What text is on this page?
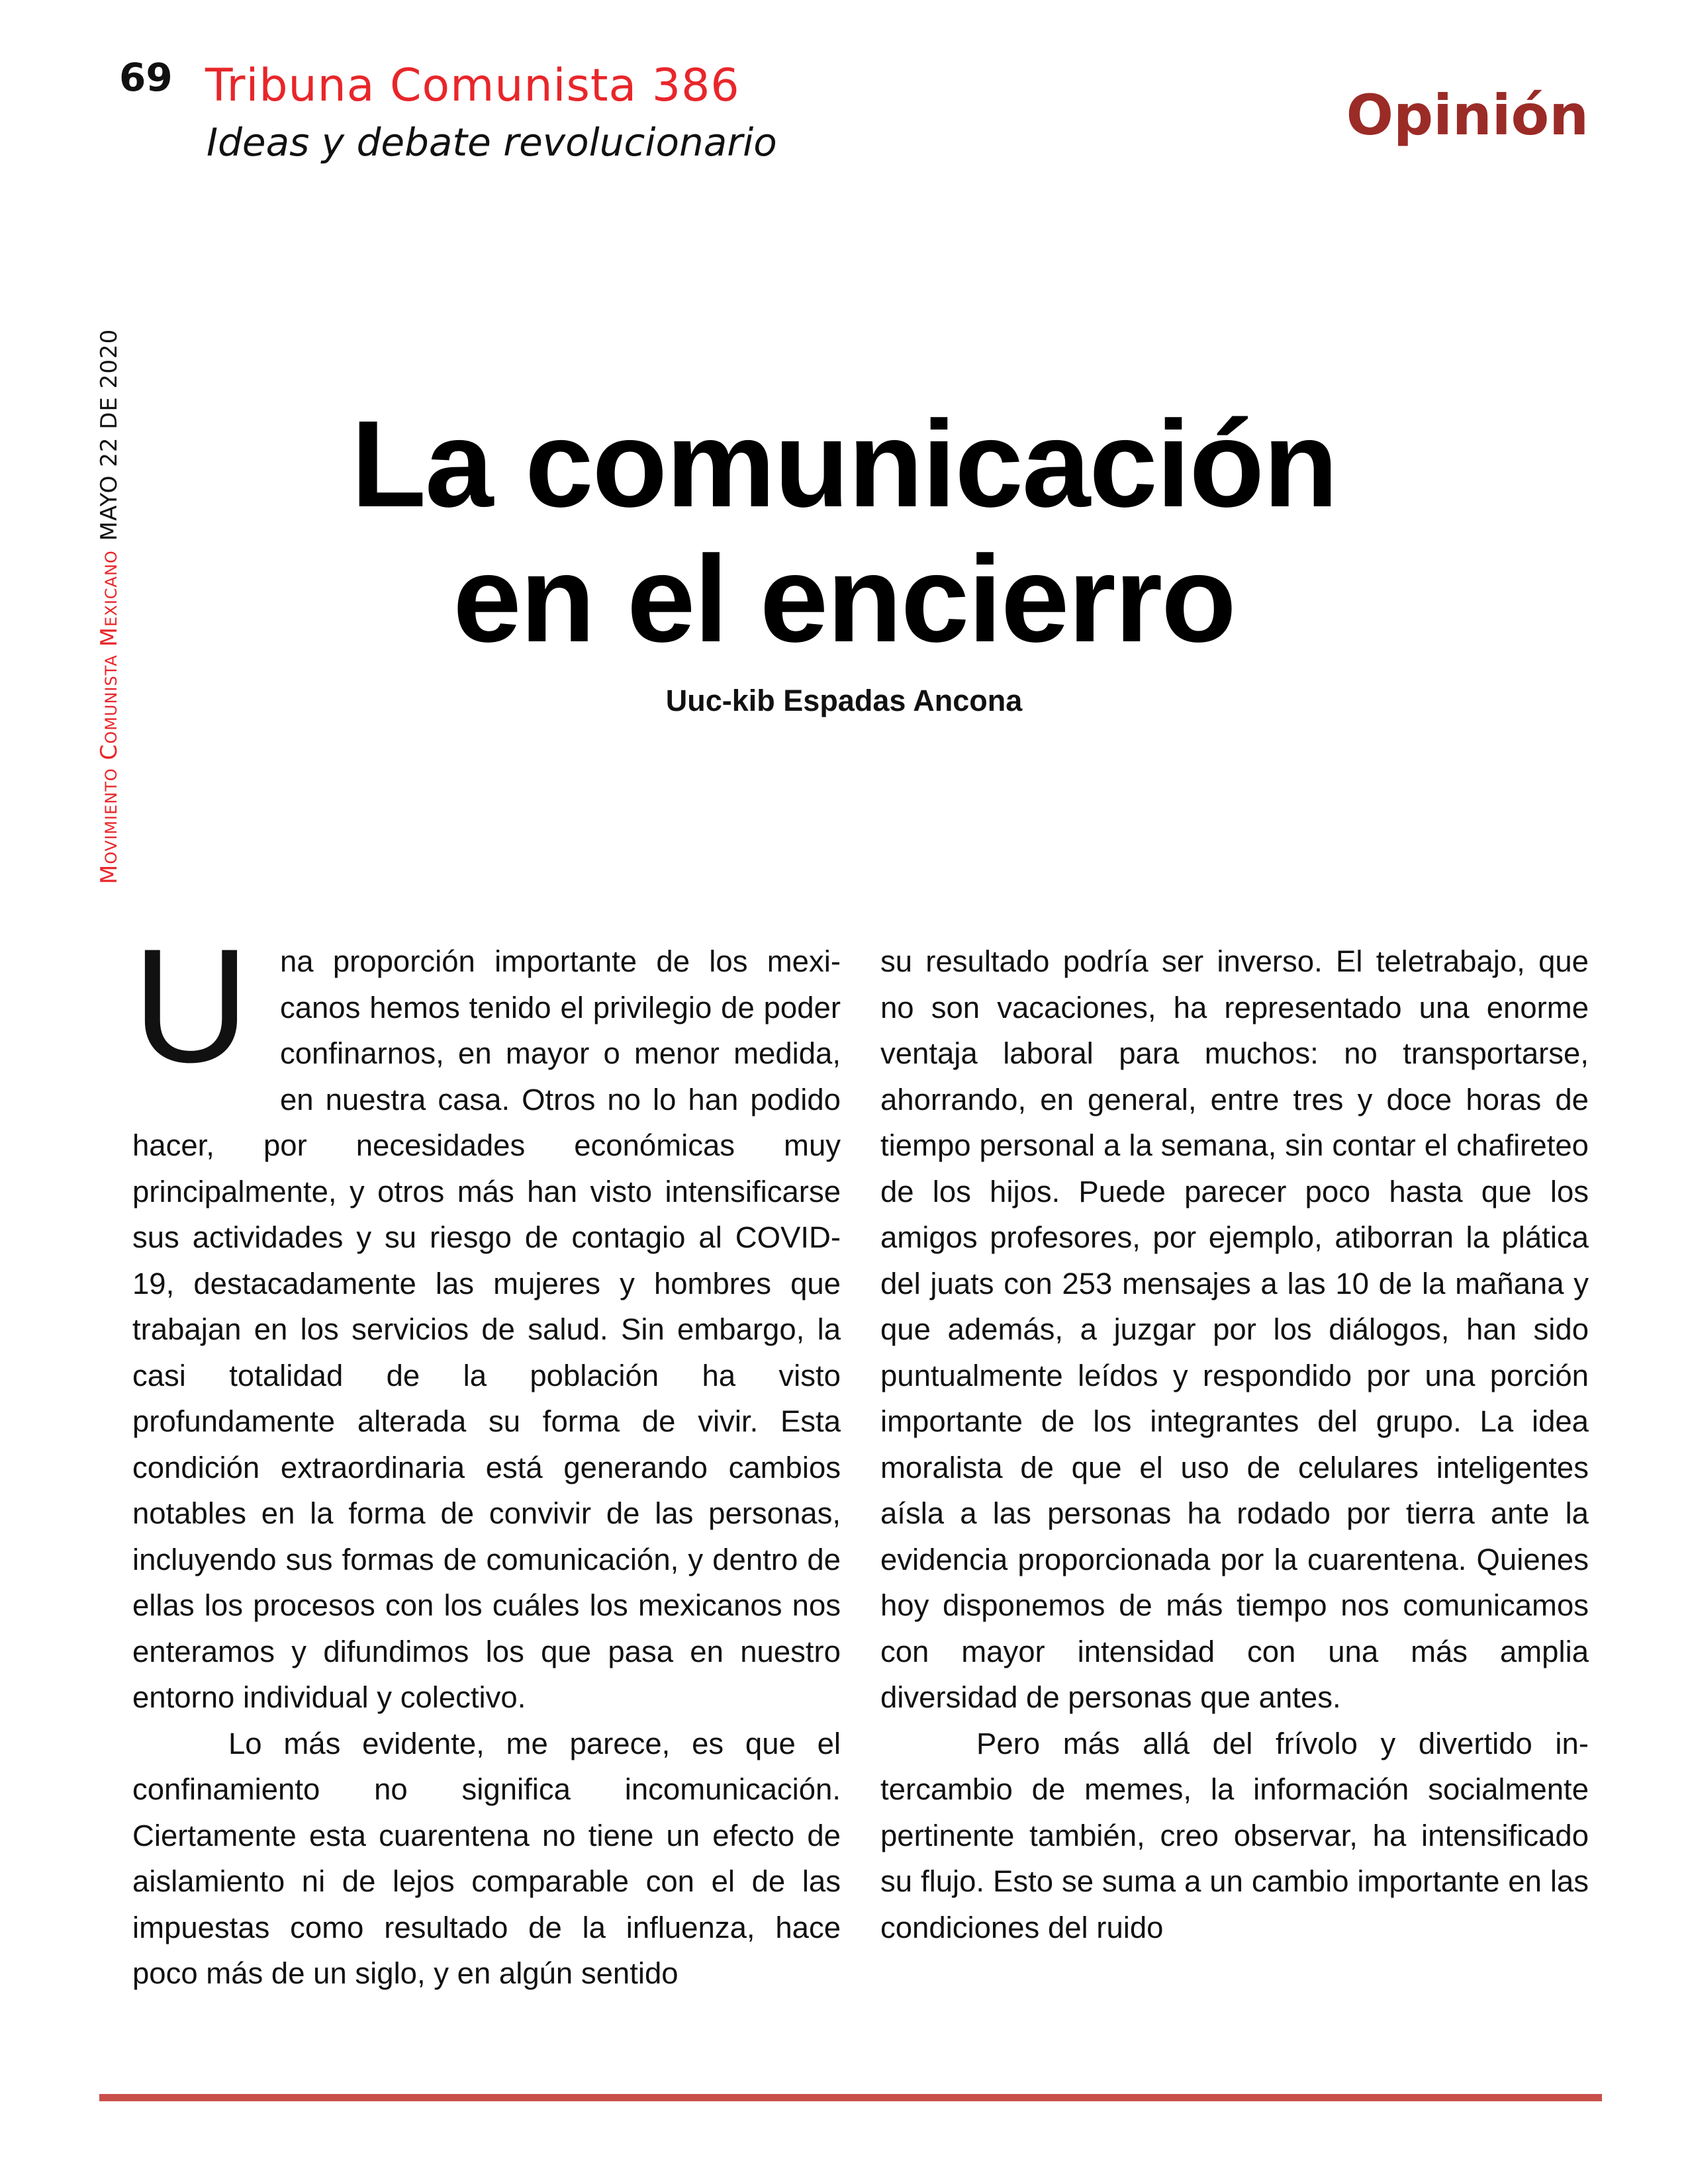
69 Tribuna Comunista 386
Ideas y debate revolucionario	Opinión
Movimiento Comunista MexicanoMAYO 22 DE 2020	La comunicación
en el encierro
Uuc-kib Espadas Ancona

U na proporción importante de los mexicanos hemos tenido el privilegio de poder confinarnos, en mayor o menor medida, en nuestra casa. Otros no lo han podido hacer, por necesidades económicas muy principalmente, y otros más han visto intensificarse sus actividades y su riesgo de contagio al COVID-19, destacadamente las mujeres y hombres que trabajan en los servicios de salud. Sin embargo, la casi totalidad de la población ha visto profundamente alterada su forma de vivir. Esta condición extraordinaria está generando cambios notables en la forma de convivir de las personas, incluyendo sus formas de comunicación, y dentro de ellas los procesos con los cuáles los mexicanos nos enteramos y difundimos los que pasa en nuestro entorno individual y colectivo.

Lo más evidente, me parece, es que el confinamiento no significa incomunicación. Ciertamente esta cuarentena no tiene un efecto de aislamiento ni de lejos comparable con el de las impuestas como resultado de la influenza, hace poco más de un siglo, y en algún sentido

su resultado podría ser inverso. El teletrabajo, que no son vacaciones, ha representado una enorme ventaja laboral para muchos: no transportarse, ahorrando, en general, entre tres y doce horas de tiempo personal a la semana, sin contar el chafireteo de los hijos. Puede parecer poco hasta que los amigos profesores, por ejemplo, atiborran la plática del juats con 253 mensajes a las 10 de la mañana y que además, a juzgar por los diálogos, han sido puntualmente leídos y respondido por una porción importante de los integrantes del grupo. La idea moralista de que el uso de celulares inteligentes aísla a las personas ha rodado por tierra ante la evidencia proporcionada por la cuarentena. Quienes hoy disponemos de más tiempo nos comunicamos con mayor intensidad con una más amplia diversidad de personas que antes.

Pero más allá del frívolo y divertido intercambio de memes, la información socialmente pertinente también, creo observar, ha intensificado su flujo. Esto se suma a un cambio importante en las condiciones del ruido
